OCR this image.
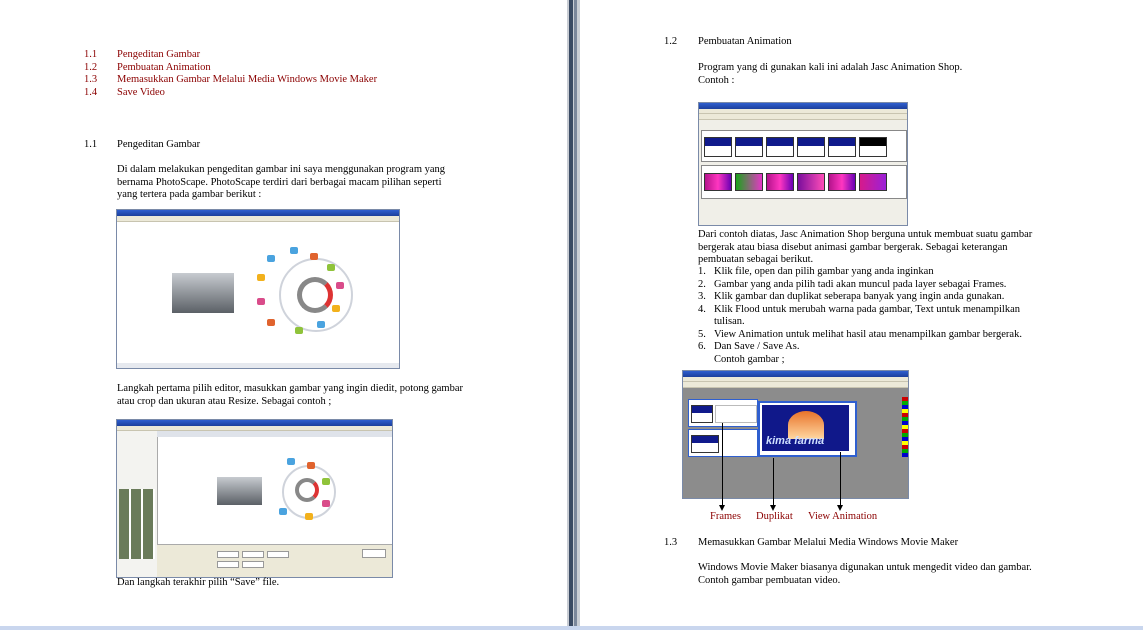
1.1 Pengeditan Gambar
1.2 Pembuatan Animation
1.3 Memasukkan Gambar Melalui Media Windows Movie Maker
1.4 Save Video
1.1 Pengeditan Gambar
Di dalam melakukan pengeditan gambar ini saya menggunakan program yang
bernama PhotoScape. PhotoScape terdiri dari berbagai macam pilihan seperti
yang tertera pada gambar berikut :
Langkah pertama pilih editor, masukkan gambar yang ingin diedit, potong gambar
atau crop dan ukuran atau Resize. Sebagai contoh ;
Dan langkah terakhir pilih “Save” file.
1.2 Pembuatan Animation
Program yang di gunakan kali ini adalah Jasc Animation Shop.
Contoh :
Dari contoh diatas, Jasc Animation Shop berguna untuk membuat suatu gambar
bergerak atau biasa disebut animasi gambar bergerak. Sebagai keterangan
pembuatan sebagai berikut.
1. Klik file, open dan pilih gambar yang anda inginkan
2. Gambar yang anda pilih tadi akan muncul pada layer sebagai Frames.
3. Klik gambar dan duplikat seberapa banyak yang ingin anda gunakan.
4. Klik Flood untuk merubah warna pada gambar, Text untuk menampilkan
tulisan.
5. View Animation untuk melihat hasil atau menampilkan gambar bergerak.
6. Dan Save / Save As.
Contoh gambar ;
kima farma
Frames Duplikat View Animation
1.3 Memasukkan Gambar Melalui Media Windows Movie Maker
Windows Movie Maker biasanya digunakan untuk mengedit video dan gambar.
Contoh gambar pembuatan video.
